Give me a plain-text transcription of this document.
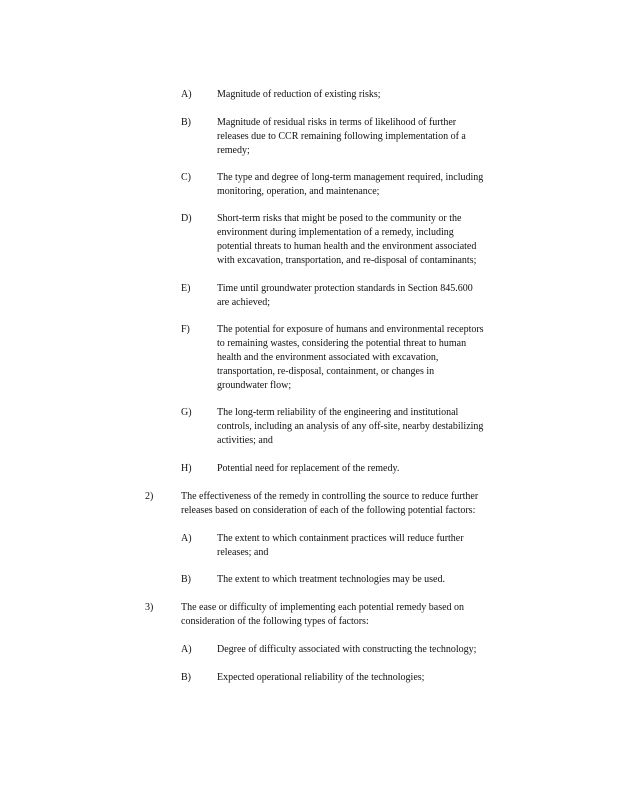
A)	Magnitude of reduction of existing risks;
B)	Magnitude of residual risks in terms of likelihood of further
releases due to CCR remaining following implementation of a
remedy;
C)	The type and degree of long-term management required, including
monitoring, operation, and maintenance;
D)	Short-term risks that might be posed to the community or the
environment during implementation of a remedy, including
potential threats to human health and the environment associated
with excavation, transportation, and re-disposal of contaminants;
E)	Time until groundwater protection standards in Section 845.600
are achieved;
F)	The potential for exposure of humans and environmental receptors
to remaining wastes, considering the potential threat to human
health and the environment associated with excavation,
transportation, re-disposal, containment, or changes in
groundwater flow;
G)	The long-term reliability of the engineering and institutional
controls, including an analysis of any off-site, nearby destabilizing
activities; and
H)	Potential need for replacement of the remedy.
2)	The effectiveness of the remedy in controlling the source to reduce further
releases based on consideration of each of the following potential factors:
A)	The extent to which containment practices will reduce further
releases; and
B)	The extent to which treatment technologies may be used.
3)	The ease or difficulty of implementing each potential remedy based on
consideration of the following types of factors:
A)	Degree of difficulty associated with constructing the technology;
B)	Expected operational reliability of the technologies;
